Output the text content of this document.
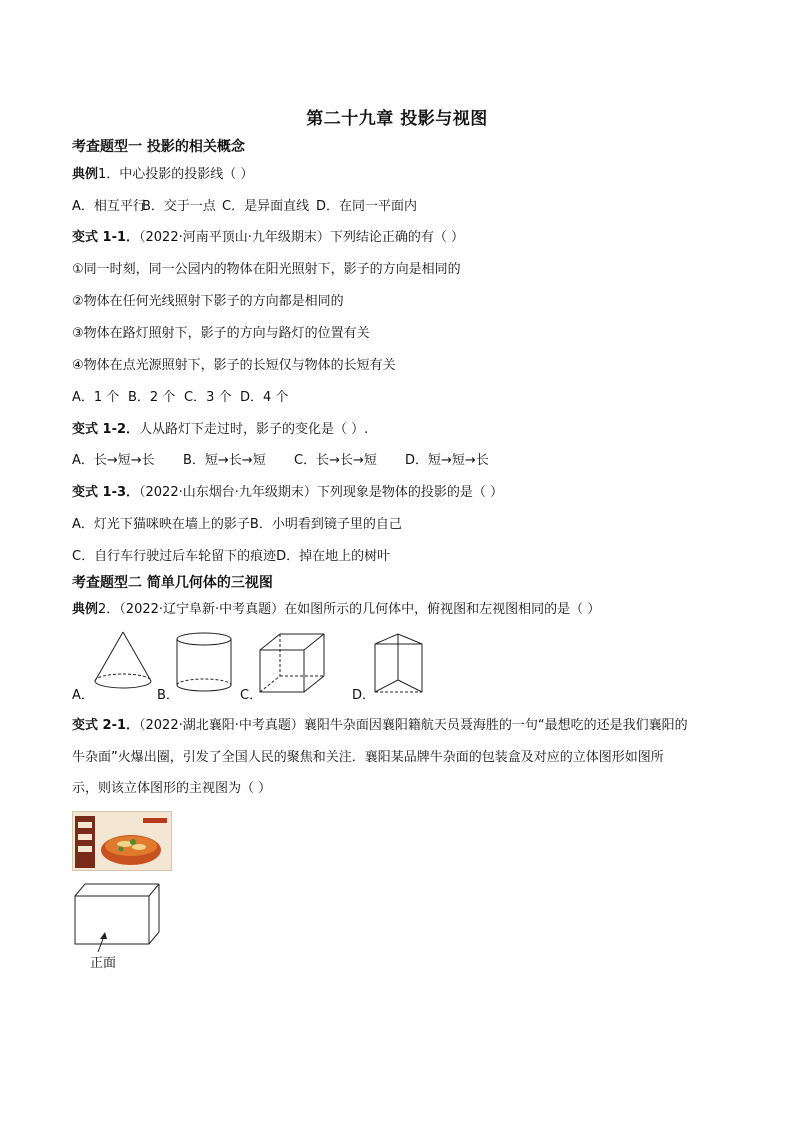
第二十九章 投影与视图
考查题型一 投影的相关概念
典例1．中心投影的投影线（ ）
A．相互平行B．交于一点 C．是异面直线 D．在同一平面内
变式 1-1．（2022·河南平顶山·九年级期末）下列结论正确的有（ ）
①同一时刻，同一公园内的物体在阳光照射下，影子的方向是相同的
②物体在任何光线照射下影子的方向都是相同的
③物体在路灯照射下，影子的方向与路灯的位置有关
④物体在点光源照射下，影子的长短仅与物体的长短有关
A．1 个 B．2 个 C．3 个 D．4 个
变式 1-2．人从路灯下走过时，影子的变化是（ ）.
A．长→短→长 B．短→长→短 C．长→长→短 D．短→短→长
变式 1-3．（2022·山东烟台·九年级期末）下列现象是物体的投影的是（ ）
A．灯光下猫咪映在墙上的影子B．小明看到镜子里的自己
C．自行车行驶过后车轮留下的痕迹D．掉在地上的树叶
考查题型二 简单几何体的三视图
典例2．（2022·辽宁阜新·中考真题）在如图所示的几何体中，俯视图和左视图相同的是（ ）
A．	B．	C．	D．
变式 2-1．（2022·湖北襄阳·中考真题）襄阳牛杂面因襄阳籍航天员聂海胜的一句“最想吃的还是我们襄阳的
牛杂面”火爆出圈，引发了全国人民的聚焦和关注．襄阳某品牌牛杂面的包装盒及对应的立体图形如图所
示，则该立体图形的主视图为（ ）
正面
